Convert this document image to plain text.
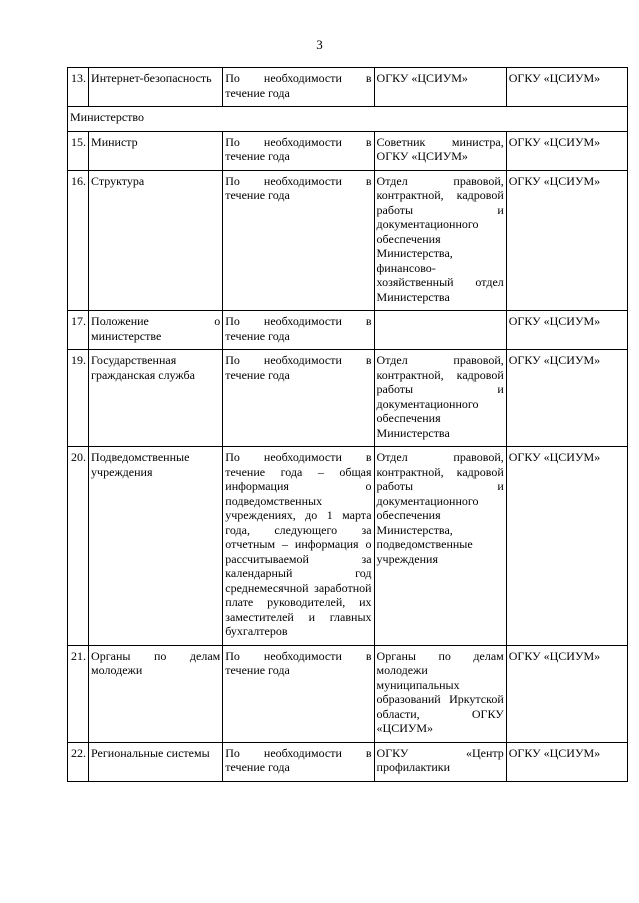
3
13.	Интернет-безопасность	По необходимости в течение года	ОГКУ «ЦСИУМ»	ОГКУ «ЦСИУМ»
Министерство				
15.	Министр	По необходимости в течение года	Советник министра, ОГКУ «ЦСИУМ»	ОГКУ «ЦСИУМ»
16.	Структура	По необходимости в течение года	Отдел правовой, контрактной, кадровой работы и документационного обеспечения Министерства, финансово-хозяйственный отдел Министерства	ОГКУ «ЦСИУМ»
17.	Положение о министерстве	По необходимости в течение года		ОГКУ «ЦСИУМ»
19.	Государственная гражданская служба	По необходимости в течение года	Отдел правовой, контрактной, кадровой работы и документационного обеспечения Министерства	ОГКУ «ЦСИУМ»
20.	Подведомственные учреждения	По необходимости в течение года – общая информация о подведомственных учреждениях, до 1 марта года, следующего за отчетным – информация о рассчитываемой за календарный год среднемесячной заработной плате руководителей, их заместителей и главных бухгалтеров	Отдел правовой, контрактной, кадровой работы и документационного обеспечения Министерства, подведомственные учреждения	ОГКУ «ЦСИУМ»
21.	Органы по делам молодежи	По необходимости в течение года	Органы по делам молодежи муниципальных образований Иркутской области, ОГКУ «ЦСИУМ»	ОГКУ «ЦСИУМ»
22.	Региональные системы	По необходимости в течение года	ОГКУ «Центр профилактики	ОГКУ «ЦСИУМ»
